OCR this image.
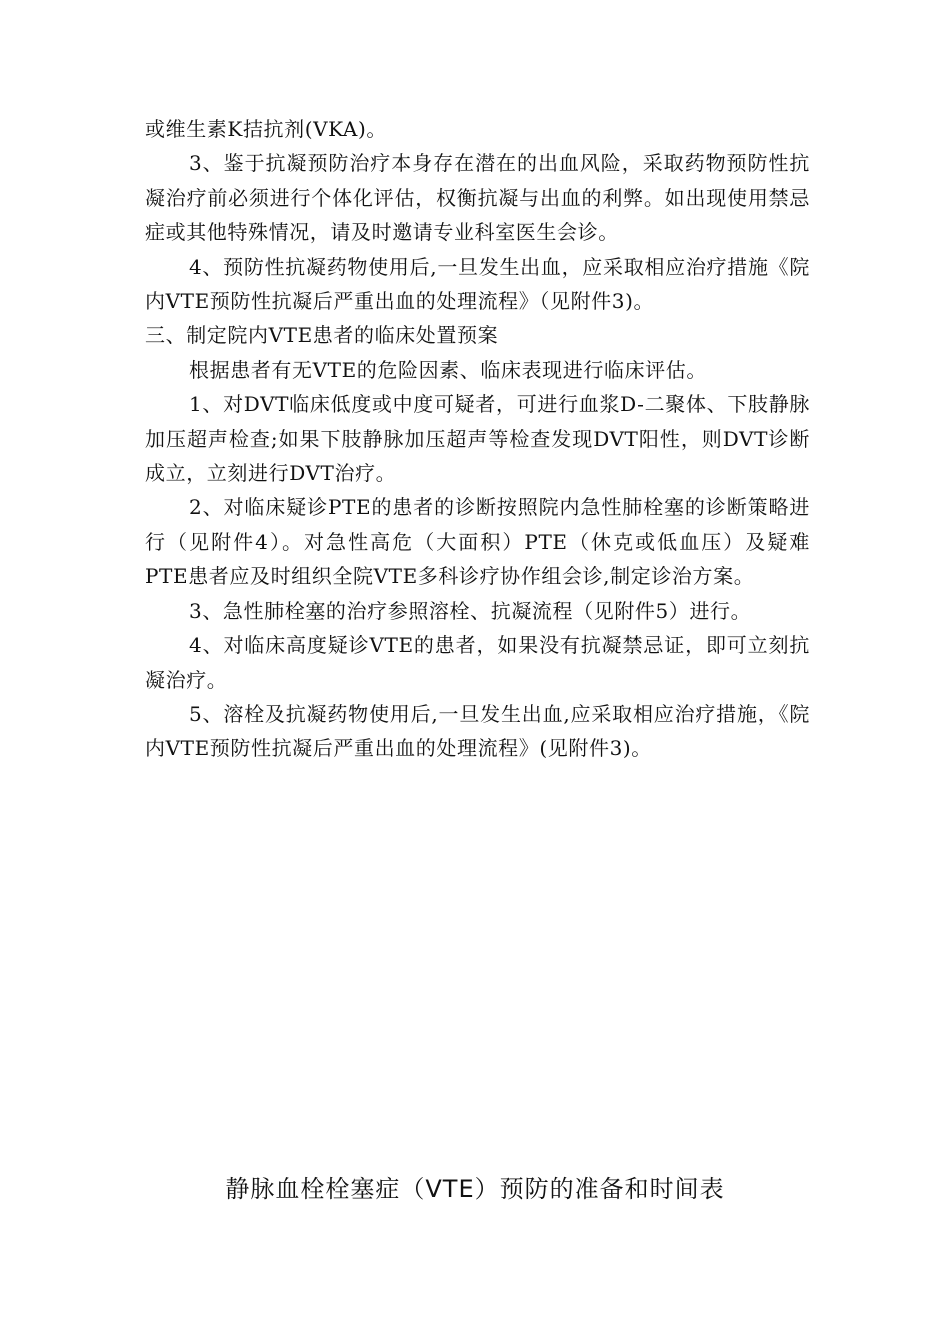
或维生素K拮抗剂(VKA)。

3、鉴于抗凝预防治疗本身存在潜在的出血风险，采取药物预防性抗凝治疗前必须进行个体化评估，权衡抗凝与出血的利弊。如出现使用禁忌症或其他特殊情况，请及时邀请专业科室医生会诊。

4、预防性抗凝药物使用后,一旦发生出血，应采取相应治疗措施《院内VTE预防性抗凝后严重出血的处理流程》（见附件3)。

三、制定院内VTE患者的临床处置预案

根据患者有无VTE的危险因素、临床表现进行临床评估。

1、对DVT临床低度或中度可疑者，可进行血浆D-二聚体、下肢静脉加压超声检查;如果下肢静脉加压超声等检查发现DVT阳性，则DVT诊断成立，立刻进行DVT治疗。

2、对临床疑诊PTE的患者的诊断按照院内急性肺栓塞的诊断策略进行（见附件4）。对急性高危（大面积）PTE（休克或低血压）及疑难PTE患者应及时组织全院VTE多科诊疗协作组会诊,制定诊治方案。

3、急性肺栓塞的治疗参照溶栓、抗凝流程（见附件5）进行。

4、对临床高度疑诊VTE的患者，如果没有抗凝禁忌证，即可立刻抗凝治疗。

5、溶栓及抗凝药物使用后,一旦发生出血,应采取相应治疗措施，《院内VTE预防性抗凝后严重出血的处理流程》(见附件3)。

静脉血栓栓塞症（VTE）预防的准备和时间表
